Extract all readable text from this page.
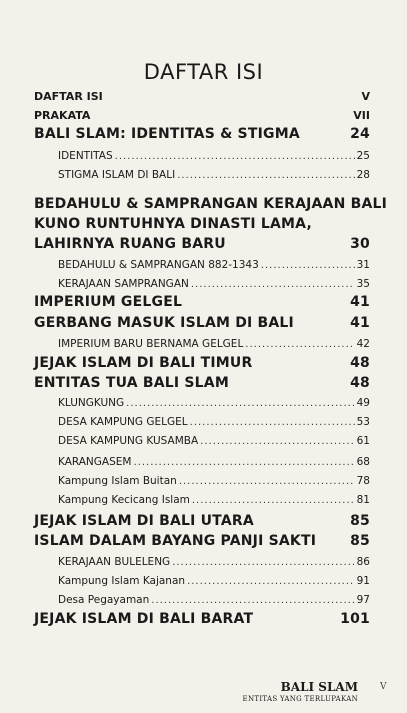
DAFTAR ISI
DAFTAR ISI	V
PRAKATA	VII
BALI SLAM: IDENTITAS & STIGMA	24
IDENTITAS .....	25
STIGMA ISLAM DI BALI .....	28
BEDAHULU & SAMPRANGAN KERAJAAN BALI
KUNO RUNTUHNYA DINASTI LAMA,
LAHIRNYA RUANG BARU	30
BEDAHULU & SAMPRANGAN 882-1343 .....	31
KERAJAAN SAMPRANGAN .....	35
IMPERIUM GELGEL	41
GERBANG MASUK ISLAM DI BALI	41
IMPERIUM BARU BERNAMA GELGEL .....	42
JEJAK ISLAM DI BALI TIMUR	48
ENTITAS TUA BALI SLAM	48
KLUNGKUNG .....	49
DESA KAMPUNG GELGEL .....	53
DESA KAMPUNG KUSAMBA .....	61
KARANGASEM .....	68
Kampung Islam Buitan .....	78
Kampung Kecicang Islam .....	81
JEJAK ISLAM DI BALI UTARA	85
ISLAM DALAM BAYANG PANJI SAKTI 85
KERAJAAN BULELENG .....	86
Kampung Islam Kajanan .....	91
Desa Pegayaman .....	97
JEJAK ISLAM DI BALI BARAT	101
BALI SLAM
ENTITAS YANG TERLUPAKAN
V
